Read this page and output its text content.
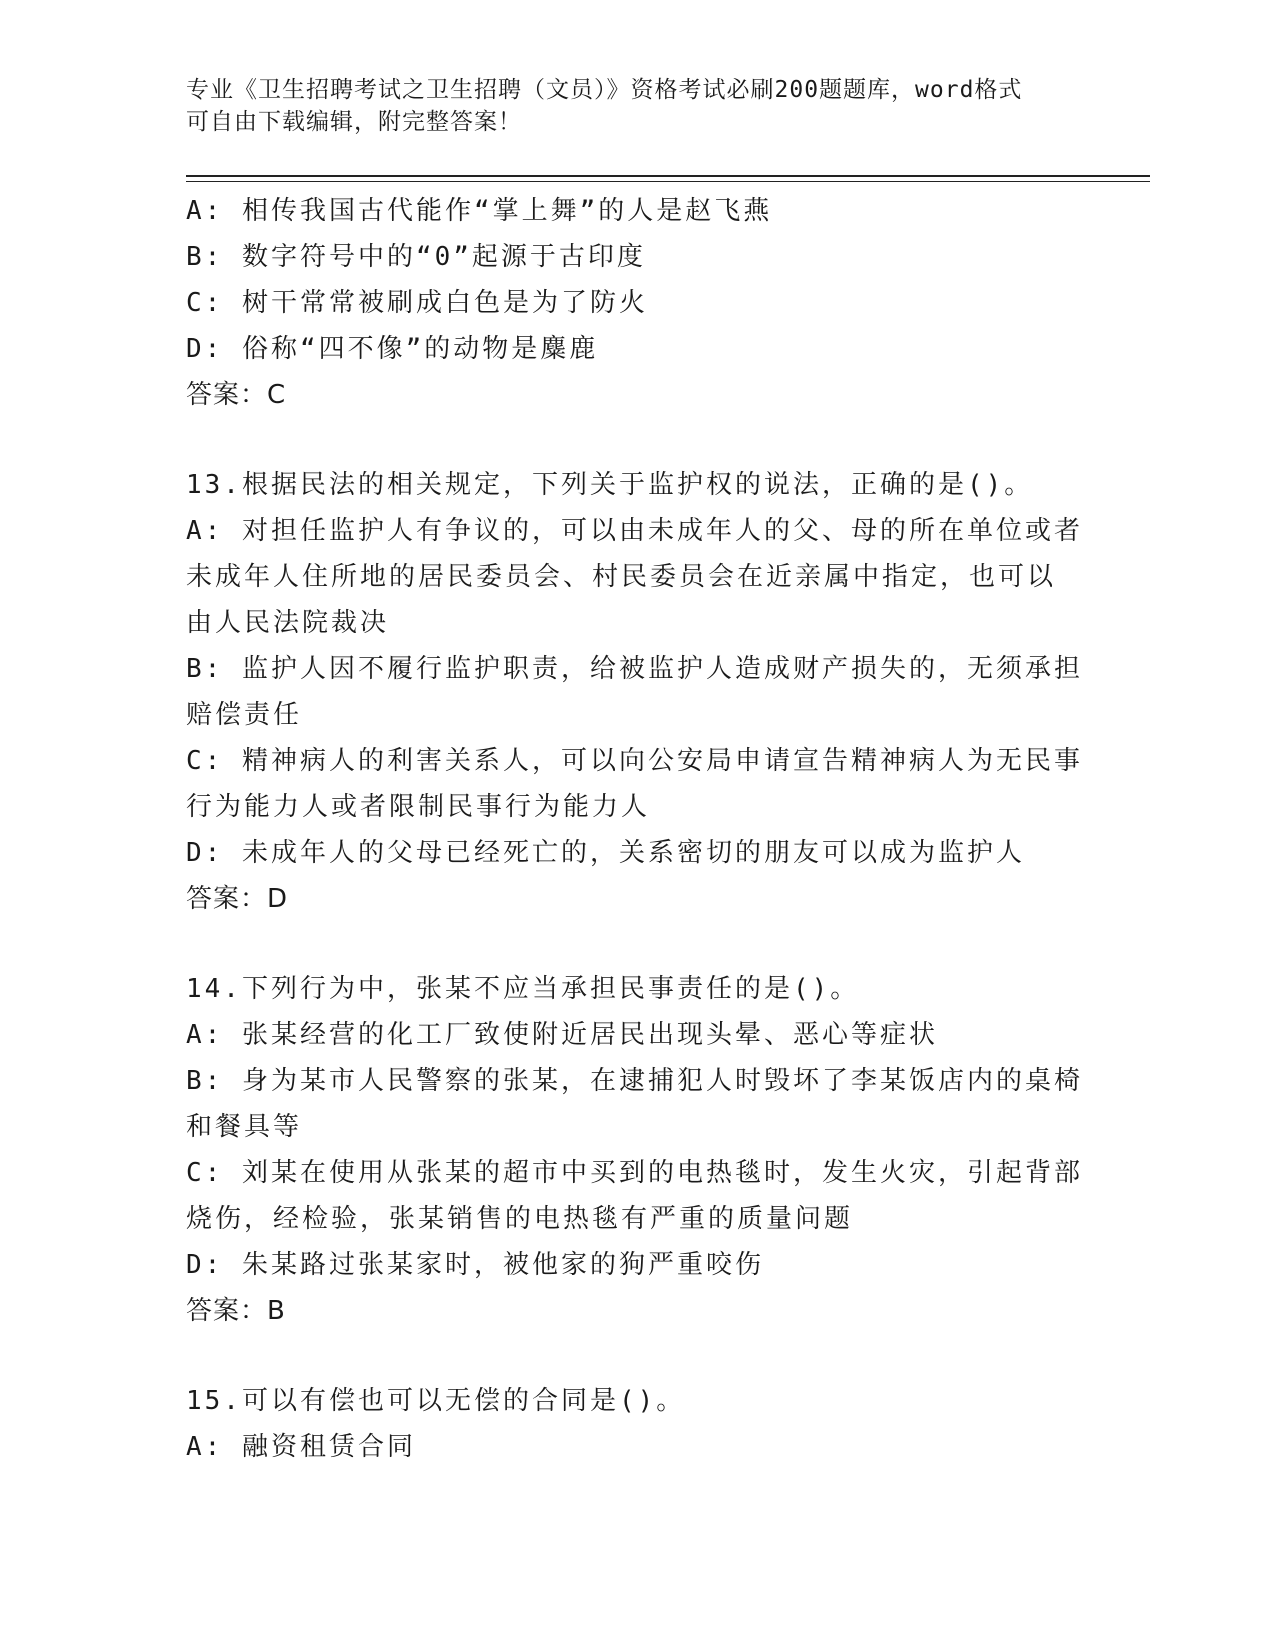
专业《卫生招聘考试之卫生招聘（文员）》资格考试必刷200题题库，word格式
可自由下载编辑，附完整答案！
A: 相传我国古代能作“掌上舞”的人是赵飞燕
B: 数字符号中的“0”起源于古印度
C: 树干常常被刷成白色是为了防火
D: 俗称“四不像”的动物是麋鹿
答案：C
13.根据民法的相关规定，下列关于监护权的说法，正确的是()。
A: 对担任监护人有争议的，可以由未成年人的父、母的所在单位或者
未成年人住所地的居民委员会、村民委员会在近亲属中指定，也可以
由人民法院裁决
B: 监护人因不履行监护职责，给被监护人造成财产损失的，无须承担
赔偿责任
C: 精神病人的利害关系人，可以向公安局申请宣告精神病人为无民事
行为能力人或者限制民事行为能力人
D: 未成年人的父母已经死亡的，关系密切的朋友可以成为监护人
答案：D
14.下列行为中，张某不应当承担民事责任的是()。
A: 张某经营的化工厂致使附近居民出现头晕、恶心等症状
B: 身为某市人民警察的张某，在逮捕犯人时毁坏了李某饭店内的桌椅
和餐具等
C: 刘某在使用从张某的超市中买到的电热毯时，发生火灾，引起背部
烧伤，经检验，张某销售的电热毯有严重的质量问题
D: 朱某路过张某家时，被他家的狗严重咬伤
答案：B
15.可以有偿也可以无偿的合同是()。
A: 融资租赁合同
